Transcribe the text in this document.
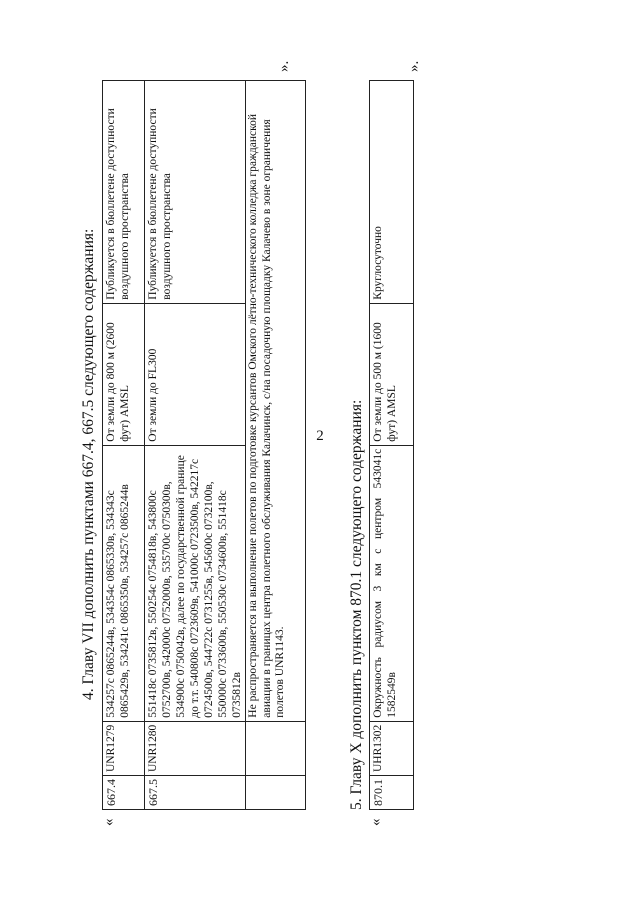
2
4. Главу VII дополнить пунктами 667.4, 667.5 следующего содержания:
«
667.4	UNR1279	534257с 0865244в, 534354с 0865330в, 534343с 0865429в, 534241с 0865350в, 534257с 0865244в	От земли до 800 м (2600 фут) AMSL	Публикуется в бюллетене доступности воздушного пространства
667.5	UNR1280	551418с 0735812в, 550254с 0754818в, 543800с 0752700в, 542000с 0752000в, 535700с 0750300в, 534900с 0750042в, далее по государственной границе до т.т. 540808с 0723609в, 541000с 0723500в, 542217с 0724500в, 544722с 0731255в, 545600с 0732100в, 550000с 0733600в, 550530с 0734600в, 551418с 0735812в	От земли до FL300	Публикуется в бюллетене доступности воздушного пространства
		Не распространяется на выполнение полетов по подготовке курсантов Омского лётно-технического колледжа гражданской авиации в границах центра полетного обслуживания Калачинск, с/на посадочную площадку Калачево в зоне ограничения полетов UNR1143.		
».
5. Главу X дополнить пунктом 870.1 следующего содержания:
«
870.1	UHR1302	Окружность радиусом 3 км с центром 543041с 1582549в	От земли до 500 м (1600 фут) AMSL	Круглосуточно
».
